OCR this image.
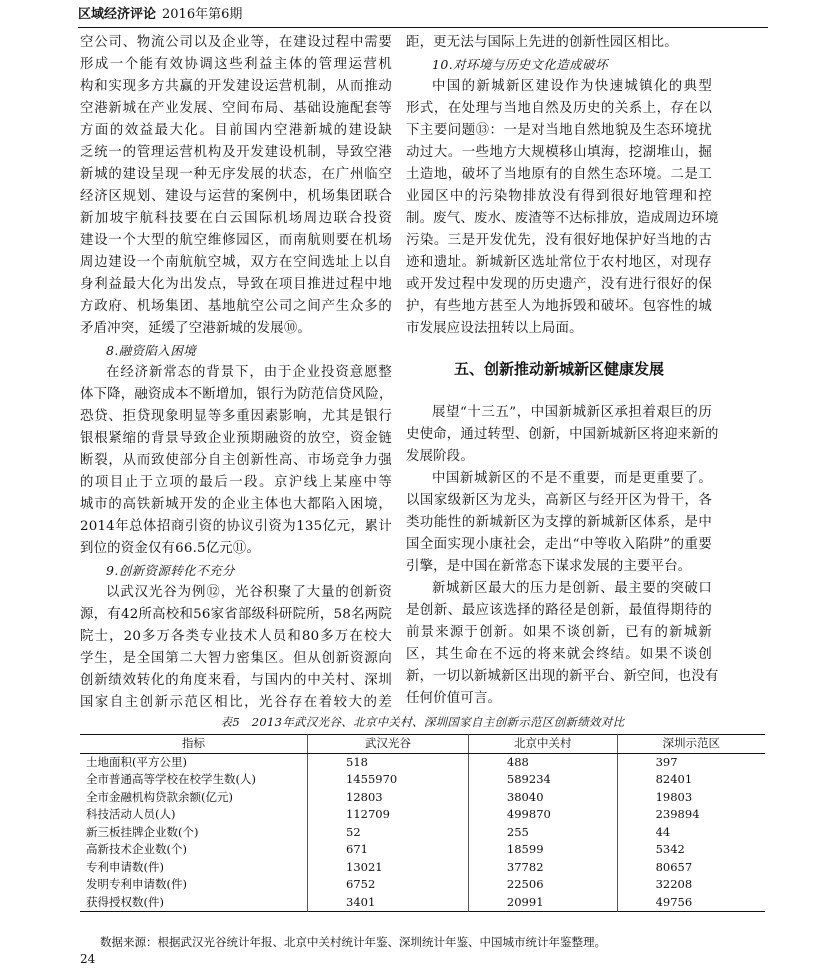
区域经济评论 2016年第6期
空公司、物流公司以及企业等，在建设过程中需要
形成一个能有效协调这些利益主体的管理运营机
构和实现多方共赢的开发建设运营机制，从而推动
空港新城在产业发展、空间布局、基础设施配套等
方面的效益最大化。目前国内空港新城的建设缺
乏统一的管理运营机构及开发建设机制，导致空港
新城的建设呈现一种无序发展的状态，在广州临空
经济区规划、建设与运营的案例中，机场集团联合
新加坡宇航科技要在白云国际机场周边联合投资
建设一个大型的航空维修园区，而南航则要在机场
周边建设一个南航航空城，双方在空间选址上以自
身利益最大化为出发点，导致在项目推进过程中地
方政府、机场集团、基地航空公司之间产生众多的
矛盾冲突，延缓了空港新城的发展⑩。
8.融资陷入困境
在经济新常态的背景下，由于企业投资意愿整
体下降，融资成本不断增加，银行为防范信贷风险，
恐贷、拒贷现象明显等多重因素影响，尤其是银行
银根紧缩的背景导致企业预期融资的放空，资金链
断裂，从而致使部分自主创新性高、市场竞争力强
的项目止于立项的最后一段。京沪线上某座中等
城市的高铁新城开发的企业主体也大都陷入困境，
2014年总体招商引资的协议引资为135亿元，累计
到位的资金仅有66.5亿元⑪。
9.创新资源转化不充分
以武汉光谷为例⑫，光谷积聚了大量的创新资
源，有42所高校和56家省部级科研院所，58名两院
院士，20多万各类专业技术人员和80多万在校大
学生，是全国第二大智力密集区。但从创新资源向
创新绩效转化的角度来看，与国内的中关村、深圳
国家自主创新示范区相比，光谷存在着较大的差
距，更无法与国际上先进的创新性园区相比。
10.对环境与历史文化造成破坏
中国的新城新区建设作为快速城镇化的典型
形式，在处理与当地自然及历史的关系上，存在以
下主要问题⑬：一是对当地自然地貌及生态环境扰
动过大。一些地方大规模移山填海，挖湖堆山，掘
土造地，破坏了当地原有的自然生态环境。二是工
业园区中的污染物排放没有得到很好地管理和控
制。废气、废水、废渣等不达标排放，造成周边环境
污染。三是开发优先，没有很好地保护好当地的古
迹和遗址。新城新区选址常位于农村地区，对现存
或开发过程中发现的历史遗产，没有进行很好的保
护，有些地方甚至人为地拆毁和破坏。包容性的城
市发展应设法扭转以上局面。
五、创新推动新城新区健康发展
展望“十三五”，中国新城新区承担着艰巨的历
史使命，通过转型、创新，中国新城新区将迎来新的
发展阶段。
中国新城新区的不是不重要，而是更重要了。
以国家级新区为龙头，高新区与经开区为骨干，各
类功能性的新城新区为支撑的新城新区体系，是中
国全面实现小康社会，走出“中等收入陷阱”的重要
引擎，是中国在新常态下谋求发展的主要平台。
新城新区最大的压力是创新、最主要的突破口
是创新、最应该选择的路径是创新，最值得期待的
前景来源于创新。如果不谈创新，已有的新城新
区，其生命在不远的将来就会终结。如果不谈创
新，一切以新城新区出现的新平台、新空间，也没有
任何价值可言。
表5　2013年武汉光谷、北京中关村、深圳国家自主创新示范区创新绩效对比
指标	武汉光谷	北京中关村	深圳示范区
土地面积(平方公里)	518	488	397
全市普通高等学校在校学生数(人)	1455970	589234	82401
全市金融机构贷款余额(亿元)	12803	38040	19803
科技活动人员(人)	112709	499870	239894
新三板挂牌企业数(个)	52	255	44
高新技术企业数(个)	671	18599	5342
专利申请数(件)	13021	37782	80657
发明专利申请数(件)	6752	22506	32208
获得授权数(件)	3401	20991	49756
数据来源：根据武汉光谷统计年报、北京中关村统计年鉴、深圳统计年鉴、中国城市统计年鉴整理。
24
